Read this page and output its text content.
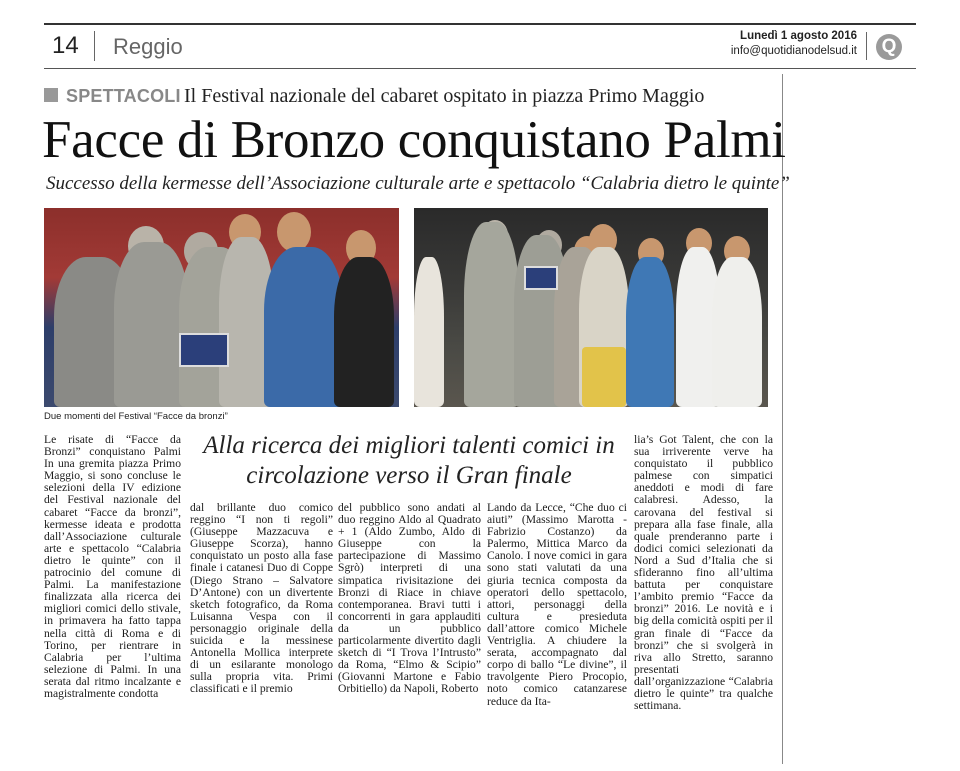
14 Reggio	Lunedì 1 agosto 2016
info@quotidianodelsud.it Q
SPETTACOLI Il Festival nazionale del cabaret ospitato in piazza Primo Maggio
Facce di Bronzo conquistano Palmi
Successo della kermesse dell’Associazione culturale arte e spettacolo “Calabria dietro le quinte”
Due momenti del Festival “Facce da bronzi”
Alla ricerca dei migliori talenti comici in circolazione verso il Gran finale
Le risate di “Facce da Bronzi” conquistano Palmi In una gremita piazza Primo Maggio, si sono concluse le selezioni della IV edizione del Festival nazionale del cabaret “Facce da bronzi”, kermesse ideata e prodotta dall’Associazione culturale arte e spettacolo “Calabria dietro le quinte” con il patrocinio del comune di Palmi. La manifestazione finalizzata alla ricerca dei migliori comici dello stivale, in primavera ha fatto tappa nella città di Roma e di Torino, per rientrare in Calabria per l’ultima selezione di Palmi. In una serata dal ritmo incalzante e magistralmente condotta
dal brillante duo comico reggino “I non ti regoli” (Giuseppe Mazzacuva e Giuseppe Scorza), hanno conquistato un posto alla fase finale i catanesi Duo di Coppe (Diego Strano – Salvatore D’Antone) con un divertente sketch fotografico, da Roma Luisanna Vespa con il personaggio originale della suicida e la messinese Antonella Mollica interprete di un esilarante monologo sulla propria vita. Primi classificati e il premio
del pubblico sono andati al duo reggino Aldo al Quadrato + 1 (Aldo Zumbo, Aldo di Giuseppe con la partecipazione di Massimo Sgrò) interpreti di una simpatica rivisitazione dei Bronzi di Riace in chiave contemporanea. Bravi tutti i concorrenti in gara applauditi da un pubblico particolarmente divertito dagli sketch di “I Trova l’Intrusto” da Roma, “Elmo & Scipio” (Giovanni Martone e Fabio Orbitiello) da Napoli, Roberto
Lando da Lecce, “Che duo ci aiuti” (Massimo Marotta - Fabrizio Costanzo) da Palermo, Mittica Marco da Canolo. I nove comici in gara sono stati valutati da una giuria tecnica composta da operatori dello spettacolo, attori, personaggi della cultura e presieduta dall’attore comico Michele Ventriglia. A chiudere la serata, accompagnato dal corpo di ballo “Le divine”, il travolgente Piero Procopio, noto comico catanzarese reduce da Ita-
lia’s Got Talent, che con la sua irriverente verve ha conquistato il pubblico palmese con simpatici aneddoti e modi di fare calabresi. Adesso, la carovana del festival si prepara alla fase finale, alla quale prenderanno parte i dodici comici selezionati da Nord a Sud d’Italia che si sfideranno fino all’ultima battuta per conquistare l’ambito premio “Facce da bronzi” 2016. Le novità e i big della comicità ospiti per il gran finale di “Facce da bronzi” che si svolgerà in riva allo Stretto, saranno presentati dall’organizzazione “Calabria dietro le quinte” tra qualche settimana.
